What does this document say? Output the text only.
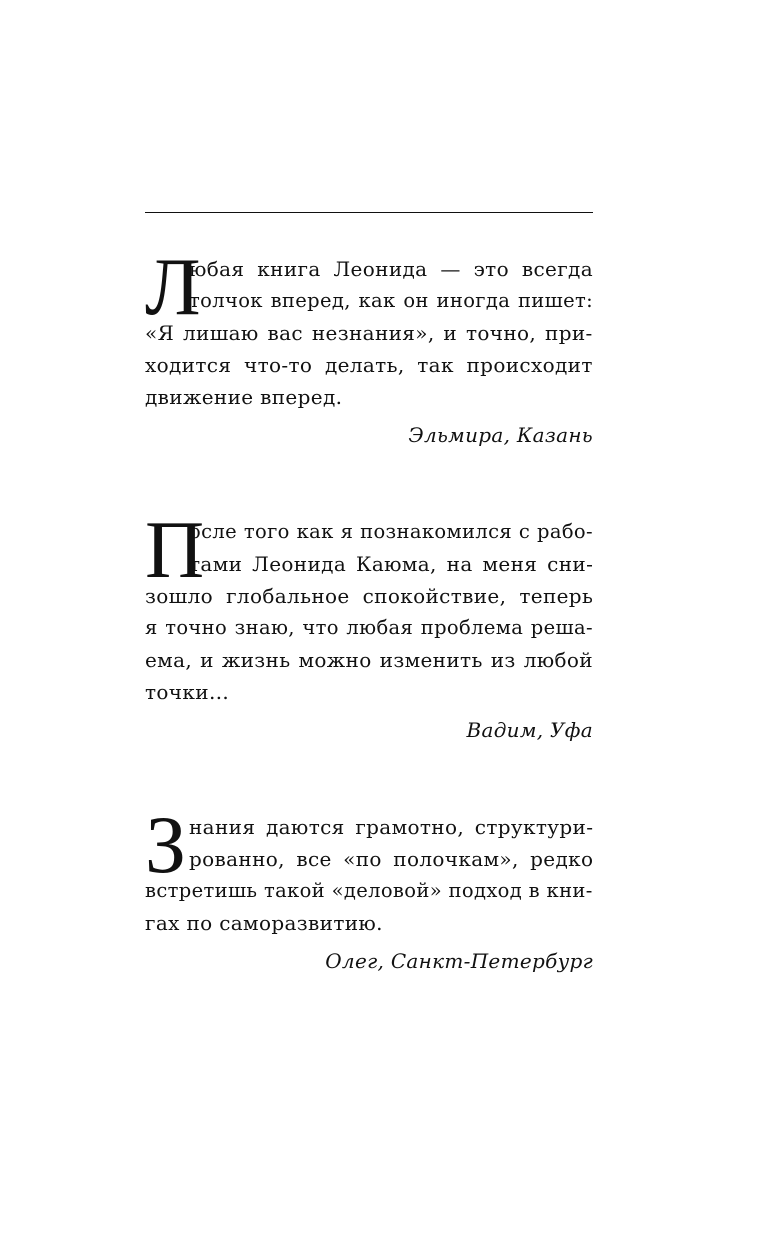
Л
юбая книга Леонида — это всегда
толчок вперед, как он иногда пишет:
«Я лишаю вас незнания», и точно, при-
ходится что-то делать, так происходит
движение вперед.
Эльмира, Казань
П
осле того как я познакомился с рабо-
тами Леонида Каюма, на меня сни-
зошло глобальное спокойствие, теперь
я точно знаю, что любая проблема реша-
ема, и жизнь можно изменить из любой
точки…
Вадим, Уфа
З нания даются грамотно, структури-
рованно, все «по полочкам», редко
встретишь такой «деловой» подход в кни-
гах по саморазвитию.
Олег, Санкт-Петербург
